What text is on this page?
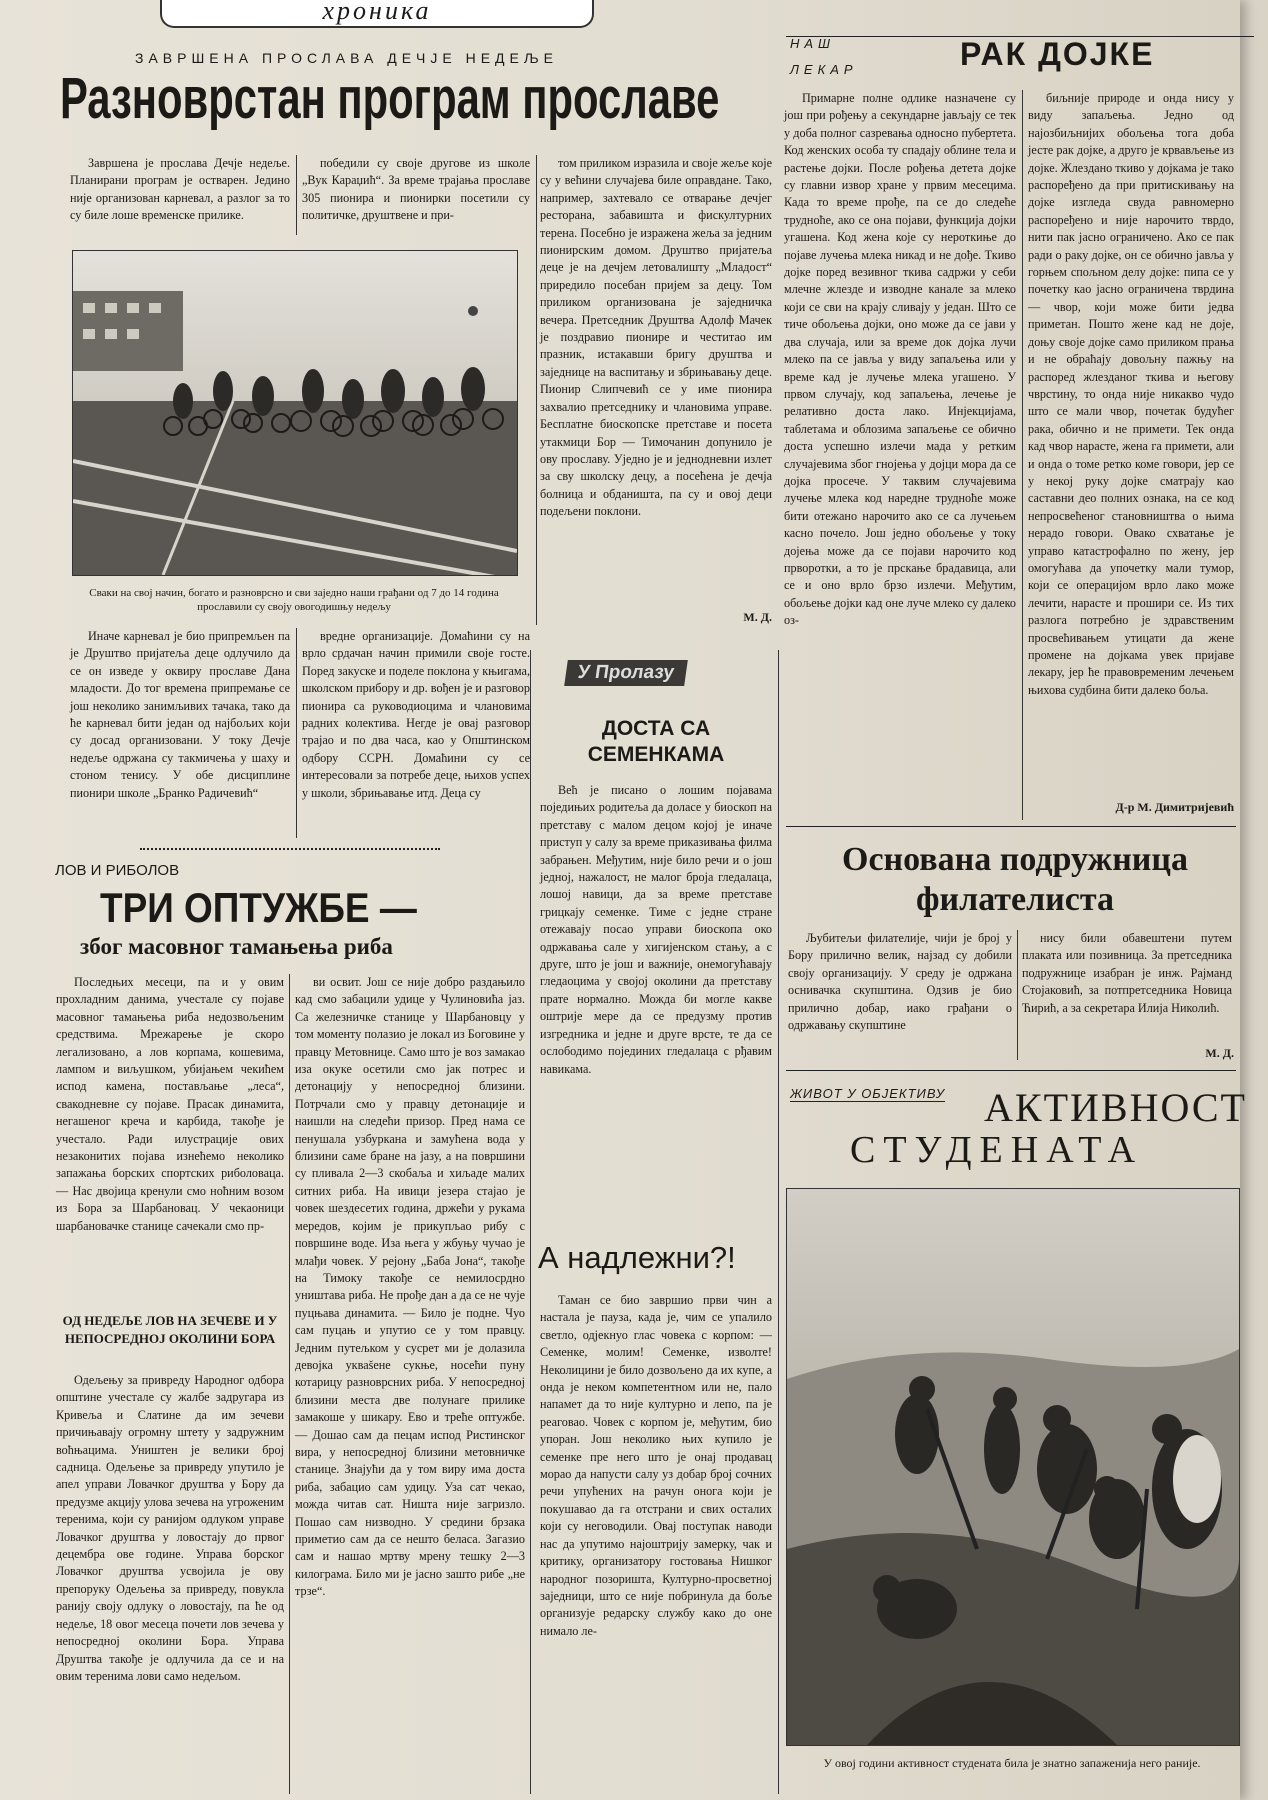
хроника
ЗАВРШЕНА ПРОСЛАВА ДЕЧЈЕ НЕДЕЉЕ
Разноврстан програм прославе

Завршена је прослава Дечје недеље. Планирани програм је остварен. Једино није организован карневал, а разлог за то су биле лоше временске прилике.

победили су своје другове из школе „Вук Караџић“. За време трајања прославе 305 пионира и пионирки посетили су политичке, друштвене и при-

Сваки на свој начин, богато и разноврсно и сви заједно наши грађани од 7 до 14 година прославили су своју овогодишњу недељу

том приликом изразила и своје жеље које су у већини случајева биле оправдане. Тако, например, захтевало се отварање дечјег ресторана, забавишта и фискултурних терена. Посебно је изражена жеља за једним пионирским домом. Друштво пријатеља деце је на дечјем летовалишту „Младост“ приредило посебан пријем за децу. Том приликом организована је заједничка вечера. Претседник Друштва Адолф Мачек је поздравио пионире и честитао им празник, истакавши бригу друштва и заједнице на васпитању и збрињавању деце. Пионир Слипчевић се у име пионира захвалио претседнику и члановима управе. Бесплатне биоскопске претставе и посета утакмици Бор — Тимочанин допунило је ову прославу. Уједно је и једнодневни излет за сву школску децу, а посећена је дечја болница и обданишта, па су и овој деци подељени поклони.

М. Д.

Иначе карневал је био припремљен па је Друштво пријатеља деце одлучило да се он изведе у оквиру прославе Дана младости. До тог времена припремање се још неколико занимљивих тачака, тако да ће карневал бити један од најбољих који су досад организовани. У току Дечје недеље одржана су такмичења у шаху и стоном тенису. У обе дисциплине пионири школе „Бранко Радичевић“

вредне организације. Домаћини су на врло срдачан начин примили своје госте. Поред закуске и поделе поклона у књигама, школском прибору и др. вођен је и разговор пионира са руководиоцима и члановима радних колектива. Негде је овај разговор трајао и по два часа, као у Општинском одбору ССРН. Домаћини су се интересовали за потребе деце, њихов успех у школи, збрињавање итд. Деца су

НАШ
ЛЕКАР	РАК ДОЈКЕ

Примарне полне одлике назначене су још при рођењу а секундарне јављају се тек у доба полног сазревања односно пубертета. Код женских особа ту спадају облине тела и растење дојки. После рођења детета дојке су главни извор хране у првим месецима. Када то време прође, па се до следеће трудноће, ако се она појави, функција дојки угашена. Код жена које су нероткиње до појаве лучења млека никад и не дође. Ткиво дојке поред везивног ткива садржи у себи млечне жлезде и изводне канале за млеко који се сви на крају сливају у један. Што се тиче обољења дојки, оно може да се јави у два случаја, или за време док дојка лучи млеко па се јавља у виду запаљења или у време кад је лучење млека угашено. У првом случају, код запаљења, лечење је релативно доста лако. Инјекцијама, таблетама и облозима запаљење се обично доста успешно излечи мада у ретким случајевима због гнојења у дојци мора да се дојка просече. У таквим случајевима лучење млека код наредне трудноће може бити отежано нарочито ако се са лучењем касно почело. Још једно обољење у току дојења може да се појави нарочито код прворотки, а то је прскање брадавица, али се и оно врло брзо излечи. Међутим, обољење дојки кад оне луче млеко су далеко оз-

биљније природе и онда нису у виду запаљења. Једно од најозбиљнијих обољења тога доба јесте рак дојке, а друго је крвављење из дојке. Жлездано ткиво у дојкама је тако распоређено да при притискивању на дојке изгледа свуда равномерно распоређено и није нарочито тврдо, нити пак јасно ограничено. Ако се пак ради о раку дојке, он се обично јавља у горњем спољном делу дојке: пипа се у почетку као јасно ограничена тврдина — чвор, који може бити једва приметан. Пошто жене кад не доје, доњу своје дојке само приликом прања и не обраћају довољну пажњу на распоред жлезданог ткива и његову чврстину, то онда није никакво чудо што се мали чвор, почетак будућег рака, обично и не примети. Тек онда кад чвор нарасте, жена га примети, али и онда о томе ретко коме говори, јер се у некој руку дојке сматрају као саставни део полних ознака, на се код непросвећеног становништва о њима нерадо говори. Овако схватање је управо катастрофално по жену, јер омогућава да упочетку мали тумор, који се операцијом врло лако може лечити, нарасте и прошири се. Из тих разлога потребно је здравственим просвећивањем утицати да жене промене на дојкама увек пријаве лекару, јер ће правовременим лечењем њихова судбина бити далеко боља.

Д-р М. Димитријевић
ЛОВ И РИБОЛОВ
ТРИ ОПТУЖБЕ —
због масовног тамањења риба

Последњих месеци, па и у овим прохладним данима, учестале су појаве масовног тамањења риба недозвољеним средствима. Мрежарење је скоро легализовано, а лов корпама, кошевима, лампом и виљушком, убијањем чекићем испод камена, постављање „леса“, свакодневне су појаве. Прасак динамита, негашеног креча и карбида, такође је учестало. Ради илустрације ових незаконитих појава изнећемо неколико запажања борских спортских риболоваца. — Нас двојица кренули смо ноћним возом из Бора за Шарбановац. У чекаоници шарбановачке станице сачекали смо пр-

ОД НЕДЕЉЕ ЛОВ НА ЗЕЧЕВЕ И У НЕПОСРЕДНОЈ ОКОЛИНИ БОРА

Одељењу за привреду Народног одбора општине учестале су жалбе задругара из Кривеља и Слатине да им зечеви причињавају огромну штету у задружним воћњацима. Уништен је велики број садница. Одељење за привреду упутило је апел управи Ловачког друштва у Бору да предузме акцију улова зечева на угроженим теренима, који су ранијом одлуком управе Ловачког друштва у ловостају до првог децембра ове године. Управа борског Ловачког друштва усвојила је ову препоруку Одељења за привреду, повукла ранију своју одлуку о ловостају, па ће од недеље, 18 овог месеца почети лов зечева у непосредној околини Бора. Управа Друштва такође је одлучила да се и на овим теренима лови само недељом.

ви освит. Још се није добро раздањило кад смо забацили удице у Чулиновића јаз. Са железничке станице у Шарбановцу у том моменту полазио је локал из Боговине у правцу Метовнице. Само што је воз замакао иза окуке осетили смо јак потрес и детонацију у непосредној близини. Потрчали смо у правцу детонације и наишли на следећи призор. Пред нама се пенушала узбуркана и замућена вода у близини саме бране на јазу, а на површини су пливала 2—3 скобаља и хиљаде малих ситних риба. На ивици језера стајао је човек шездесетих година, држећи у рукама мередов, којим је прикупљао рибу с површине воде. Иза њега у жбуњу чучао је млађи човек. У рејону „Баба Јона“, такође на Тимоку такође се немилосрдно уништава риба. Не прође дан а да се не чује пуцњава динамита. — Било је подне. Чуо сам пуцањ и упутио се у том правцу. Једним путељком у сусрет ми је долазила девојка укваšене сукње, носећи пуну котарицу разноврсних риба. У непосредној близини места две полунаге прилике замакоше у шикару. Ево и треће оптужбе. — Дошао сам да пецам испод Ристинског вира, у непосредној близини метовничке станице. Знајући да у том виру има доста риба, забацио сам удицу. Уза сат чекао, можда читав сат. Ништа није загризло. Пошао сам низводно. У средини брзака приметио сам да се нешто белаcа. Загазио сам и нашао мртву мрену тешку 2—3 килограма. Било ми је јасно зашто рибе „не трзе“.

У Пролазу
ДОСТА СА СЕМЕНКАМА

Већ је писано о лошим појавама поједињих родитеља да доласе у биоскоп на претставу с малом децом којој је иначе приступ у салу за време приказивања филма забрањен. Међутим, није било речи и о још једној, нажалост, не малог броја гледалаца, лошој навици, да за време претставе грицкају семенке. Тиме с једне стране отежавају посао управи биоскопа око одржавања сале у хигијенском стању, а с друге, што је још и важније, онемогућавају гледаоцима у својој околини да претставу прате нормално. Можда би могле какве оштрије мере да се предузму против изгредника и једне и друге врсте, те да се ослободимо појединих гледалаца с рђавим навикама.

А надлежни?!

Таман се био завршио први чин а настала је пауза, када је, чим се упалило светло, одјекнуо глас човека с корпом: — Семенке, молим! Семенке, изволте! Неколицини је било дозвољено да их купе, а онда је неком компетентном или не, пало напамет да то није културно и лепо, па је реаговао. Човек с корпом је, међутим, био упоран. Још неколико њих купило је семенке пре него што је онај продавац морао да напусти салу уз добар број сочних речи упућених на рачун онога који је покушавао да га отстрани и свих осталих који су неговодили. Овај поступак наводи нас да упутимо најоштрију замерку, чак и критику, организатору гостовања Нишког народног позоришта, Културно-просветној заједници, што се није побринула да боље организује редарску службу како до оне нимало ле-

Основана подружница
филателиста

Љубитељи филателије, чији је број у Бору прилично велик, најзад су добили своју организацију. У среду је одржана оснивачка скупштина. Одзив је био прилично добар, иако грађани о одржавању скупштине

нису били обавештени путем плаката или позивница. За претседника подружнице изабран је инж. Рајманд Стојаковић, за потпретседника Новица Ћирић, а за секретара Илија Николић.

М. Д.
ЖИВОТ У ОБЈЕКТИВУ АКТИВНОСТ
СТУДЕНАТА
У овој години активност студената била је знатно запаженија него раније.
